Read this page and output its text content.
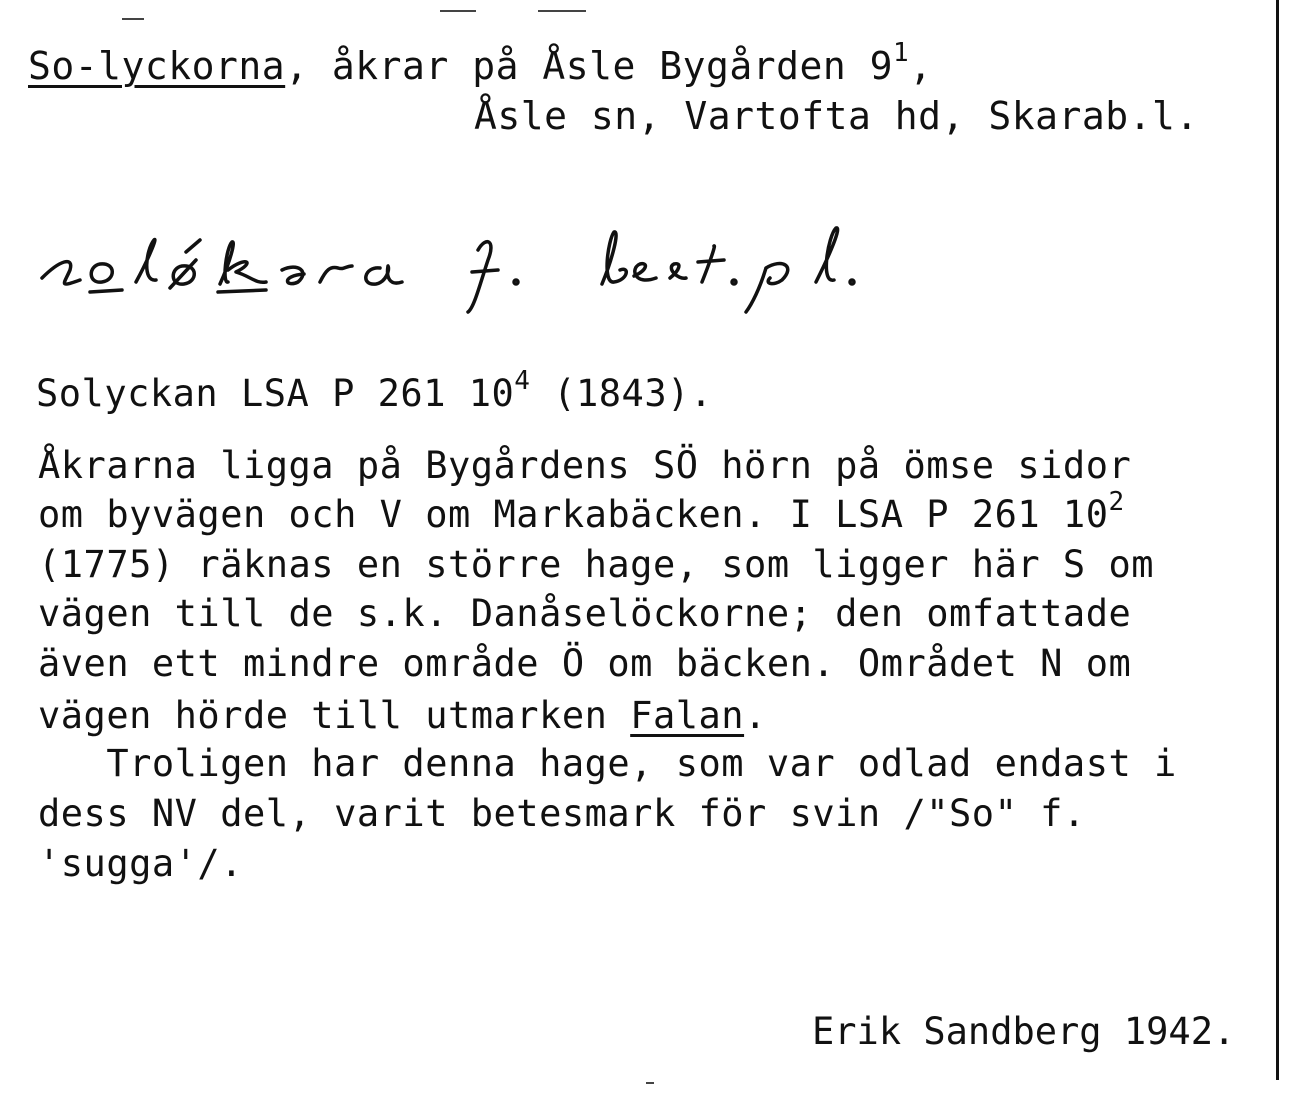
So-lyckorna, åkrar på Åsle Bygården $9^1$,
Åsle sn, Vartofta hd, Skarab.l.
Solyckan LSA P 261 $10^4$ (1843).
Åkrarna ligga på Bygårdens SÖ hörn på ömse sidor
om byvägen och V om Markabäcken. I LSA P 261 $10^2$
(1775) räknas en större hage, som ligger här S om
vägen till de s.k. Danåselöckorne; den omfattade
även ett mindre område Ö om bäcken. Området N om
vägen hörde till utmarken Falan.
Troligen har denna hage, som var odlad endast i
dess NV del, varit betesmark för svin /"So" f.
'sugga'/.
Erik Sandberg 1942.
